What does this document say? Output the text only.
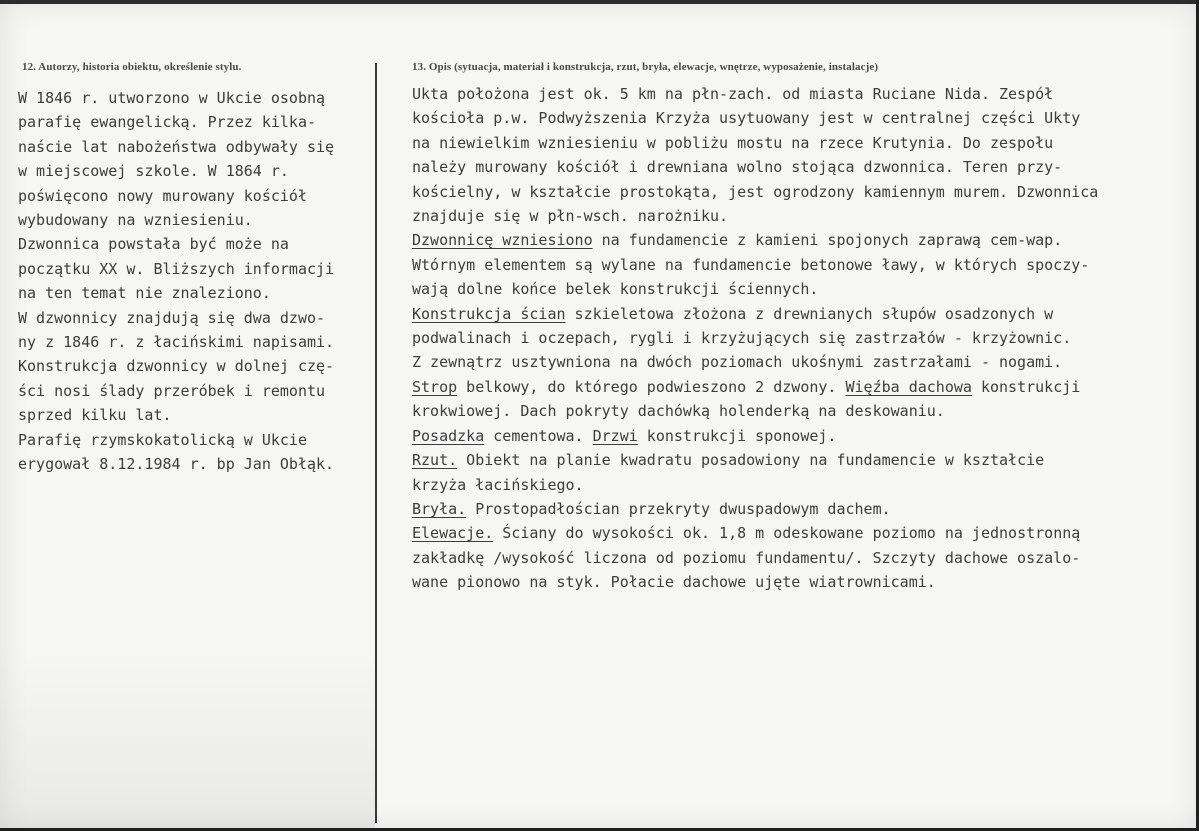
12. Autorzy, historia obiektu, określenie stylu.	13. Opis (sytuacja, materiał i konstrukcja, rzut, bryła, elewacje, wnętrze, wyposażenie, instalacje)
W 1846 r. utworzono w Ukcie osobną
parafię ewangelicką. Przez kilka-
naście lat nabożeństwa odbywały się
w miejscowej szkole. W 1864 r.
poświęcono nowy murowany kościół
wybudowany na wzniesieniu.
Dzwonnica powstała być może na
początku XX w. Bliższych informacji
na ten temat nie znaleziono.
W dzwonnicy znajdują się dwa dzwo-
ny z 1846 r. z łacińskimi napisami.
Konstrukcja dzwonnicy w dolnej czę-
ści nosi ślady przeróbek i remontu
sprzed kilku lat.
Parafię rzymskokatolicką w Ukcie
erygował 8.12.1984 r. bp Jan Obłąk.
Ukta położona jest ok. 5 km na płn-zach. od miasta Ruciane Nida. Zespół
kościoła p.w. Podwyższenia Krzyża usytuowany jest w centralnej części Ukty
na niewielkim wzniesieniu w pobliżu mostu na rzece Krutynia. Do zespołu
należy murowany kościół i drewniana wolno stojąca dzwonnica. Teren przy-
kościelny, w kształcie prostokąta, jest ogrodzony kamiennym murem. Dzwonnica
znajduje się w płn-wsch. narożniku.
Dzwonnicę wzniesiono na fundamencie z kamieni spojonych zaprawą cem-wap.
Wtórnym elementem są wylane na fundamencie betonowe ławy, w których spoczy-
wają dolne końce belek konstrukcji ściennych.
Konstrukcja ścian szkieletowa złożona z drewnianych słupów osadzonych w
podwalinach i oczepach, rygli i krzyżujących się zastrzałów - krzyżownic.
Z zewnątrz usztywniona na dwóch poziomach ukośnymi zastrzałami - nogami.
Strop belkowy, do którego podwieszono 2 dzwony. Więźba dachowa konstrukcji
krokwiowej. Dach pokryty dachówką holenderką na deskowaniu.
Posadzka cementowa. Drzwi konstrukcji sponowej.
Rzut. Obiekt na planie kwadratu posadowiony na fundamencie w kształcie
krzyża łacińskiego.
Bryła. Prostopadłościan przekryty dwuspadowym dachem.
Elewacje. Ściany do wysokości ok. 1,8 m odeskowane poziomo na jednostronną
zakładkę /wysokość liczona od poziomu fundamentu/. Szczyty dachowe oszalo-
wane pionowo na styk. Połacie dachowe ujęte wiatrownicami.
